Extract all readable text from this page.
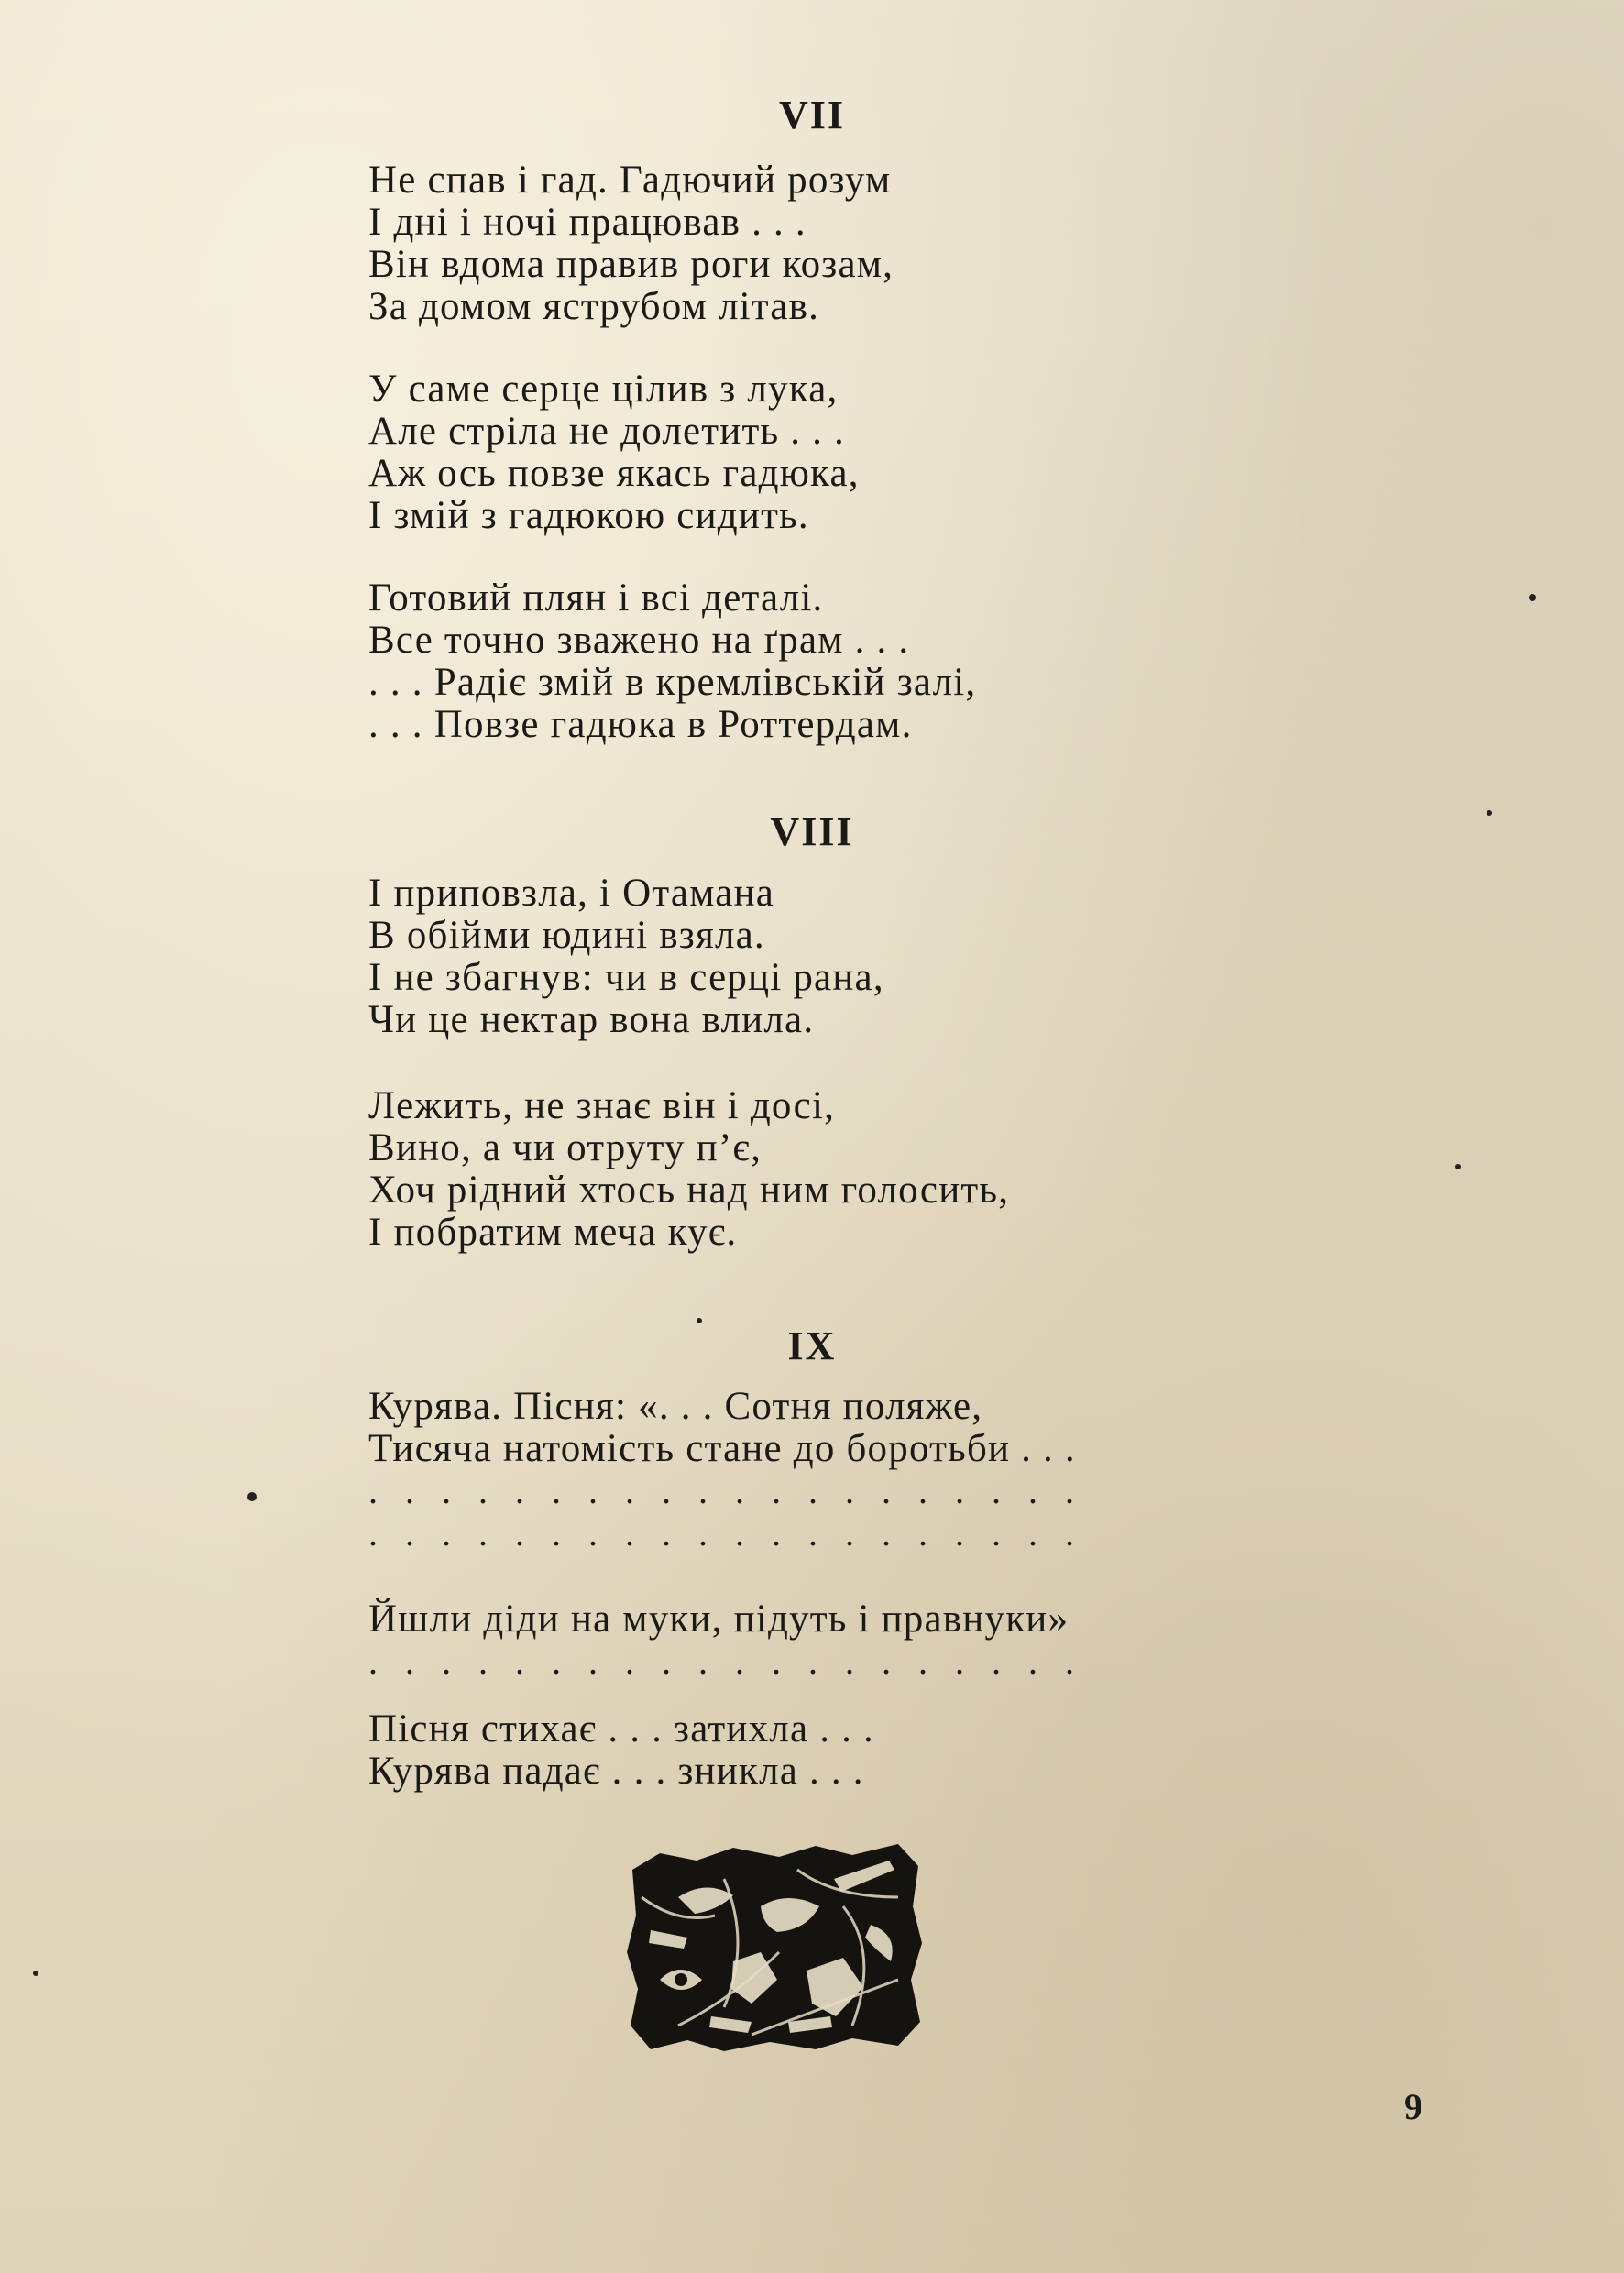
VII
Не спав і гад. Гадючий розум
І дні і ночі працював . . .
Він вдома правив роги козам,
За домом яструбом літав.
У саме серце цілив з лука,
Але стріла не долетить . . .
Аж ось повзе якась гадюка,
І змій з гадюкою сидить.
Готовий плян і всі деталі.
Все точно зважено на ґрам . . .
. . . Радіє змій в кремлівській залі,
. . . Повзе гадюка в Роттердам.
VIII
І приповзла, і Отамана
В обійми юдині взяла.
І не збагнув: чи в серці рана,
Чи це нектар вона влила.
Лежить, не знає він і досі,
Вино, а чи отруту п’є,
Хоч рідний хтось над ним голосить,
І побратим меча кує.
IX
Курява. Пісня: «. . . Сотня поляже,
Тисяча натомість стане до боротьби . . .
.   .   .   .   .   .   .   .   .   .   .   .   .   .   .   .   .   .   .   .
.   .   .   .   .   .   .   .   .   .   .   .   .   .   .   .   .   .   .   .
Йшли діди на муки, підуть і правнуки»
.   .   .   .   .   .   .   .   .   .   .   .   .   .   .   .   .   .   .   .
Пісня стихає . . . затихла . . .
Курява падає . . . зникла . . .
9
